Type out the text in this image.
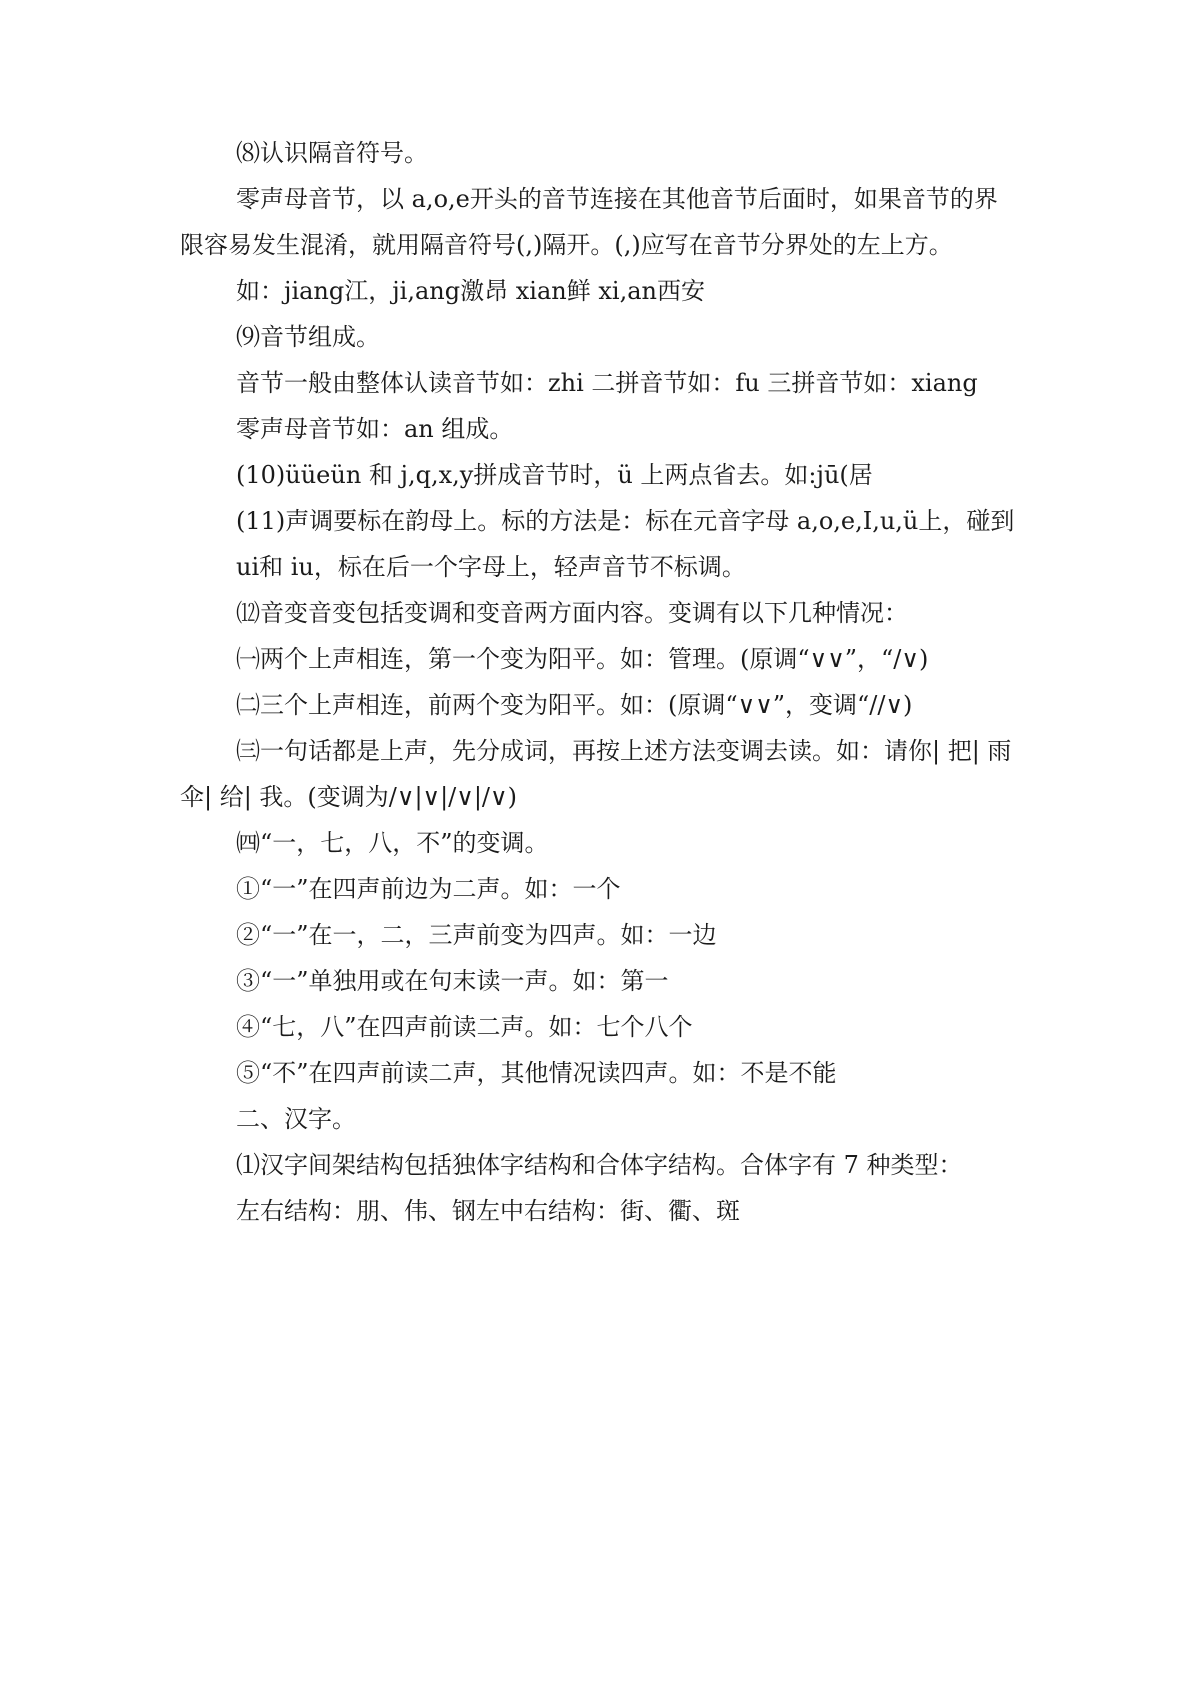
⑻认识隔音符号。

零声母音节，以 a,o,e开头的音节连接在其他音节后面时，如果音节的界限容易发生混淆，就用隔音符号(,)隔开。(,)应写在音节分界处的左上方。

如：jiang江，ji,ang激昂 xian鲜 xi,an西安

⑼音节组成。

音节一般由整体认读音节如：zhi 二拼音节如：fu 三拼音节如：xiang

零声母音节如：an 组成。

(10)üüeün 和 j,q,x,y拼成音节时，ü 上两点省去。如:jū(居

(11)声调要标在韵母上。标的方法是：标在元音字母 a,o,e,I,u,ü上，碰到

ui和 iu，标在后一个字母上，轻声音节不标调。

⑿音变音变包括变调和变音两方面内容。变调有以下几种情况：

㈠两个上声相连，第一个变为阳平。如：管理。(原调“∨∨”，“/∨)

㈡三个上声相连，前两个变为阳平。如：(原调“∨∨”，变调“//∨)

㈢一句话都是上声，先分成词，再按上述方法变调去读。如：请你| 把| 雨伞| 给| 我。(变调为/∨|∨|/∨|/∨)

㈣“一，七，八，不”的变调。

①“一”在四声前边为二声。如：一个

②“一”在一，二，三声前变为四声。如：一边

③“一”单独用或在句末读一声。如：第一

④“七，八”在四声前读二声。如：七个八个

⑤“不”在四声前读二声，其他情况读四声。如：不是不能

二、汉字。

⑴汉字间架结构包括独体字结构和合体字结构。合体字有 7 种类型：

左右结构：朋、伟、钢左中右结构：街、衢、斑
